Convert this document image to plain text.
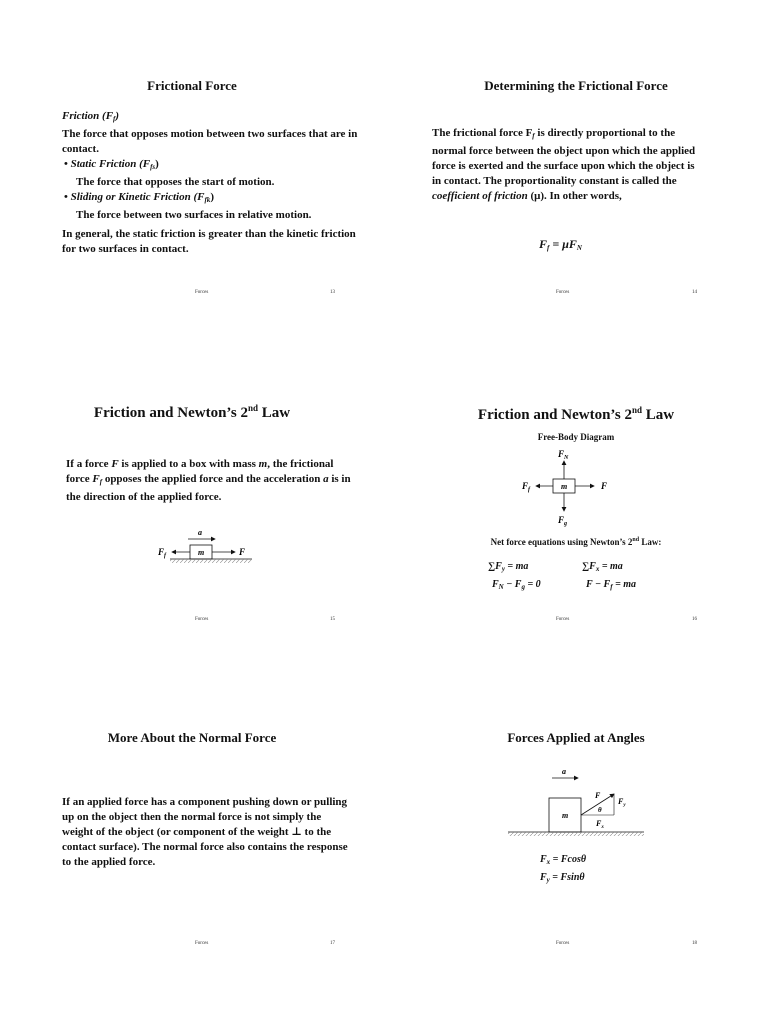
Frictional Force

Friction $(F_f)$

The force that opposes motion between two surfaces that are in contact.

• Static Friction $(F_{fs})$

The force that opposes the start of motion.

• Sliding or Kinetic Friction $(F_{fk})$

The force between two surfaces in relative motion.

In general, the static friction is greater than the kinetic friction for two surfaces in contact.

Forces	13
Determining the Frictional Force

The frictional force $F_f$ is directly proportional to the normal force between the object upon which the applied force is exerted and the surface upon which the object is in contact. The proportionality constant is called the coefficient of friction (μ). In other words,

$F_f = \mu F_N$
Forces	14
Friction and Newton’s 2nd Law

If a force F is applied to a box with mass m, the frictional force $F_f$ opposes the applied force and the acceleration a is in the direction of the applied force.

a
m
$F_f$	F
Forces	15
Friction and Newton’s 2nd Law
Free-Body Diagram
$F_N$
m
$F_f$	F
$F_g$
Net force equations using Newton’s 2nd Law:
$\sum F_y$ = ma	$\sum F_x$ = ma
$F_N - F_g = 0$	$F - F_f$ = ma
Forces	16
More About the Normal Force

If an applied force has a component pushing down or pulling up on the object then the normal force is not simply the weight of the object (or component of the weight ⊥ to the contact surface). The normal force also contains the response to the applied force.

Forces	17
Forces Applied at Angles
a
m
F
θ
$F_y$
$F_x$
$F_x = Fcos\theta$
$F_y = Fsin\theta$
Forces	18
